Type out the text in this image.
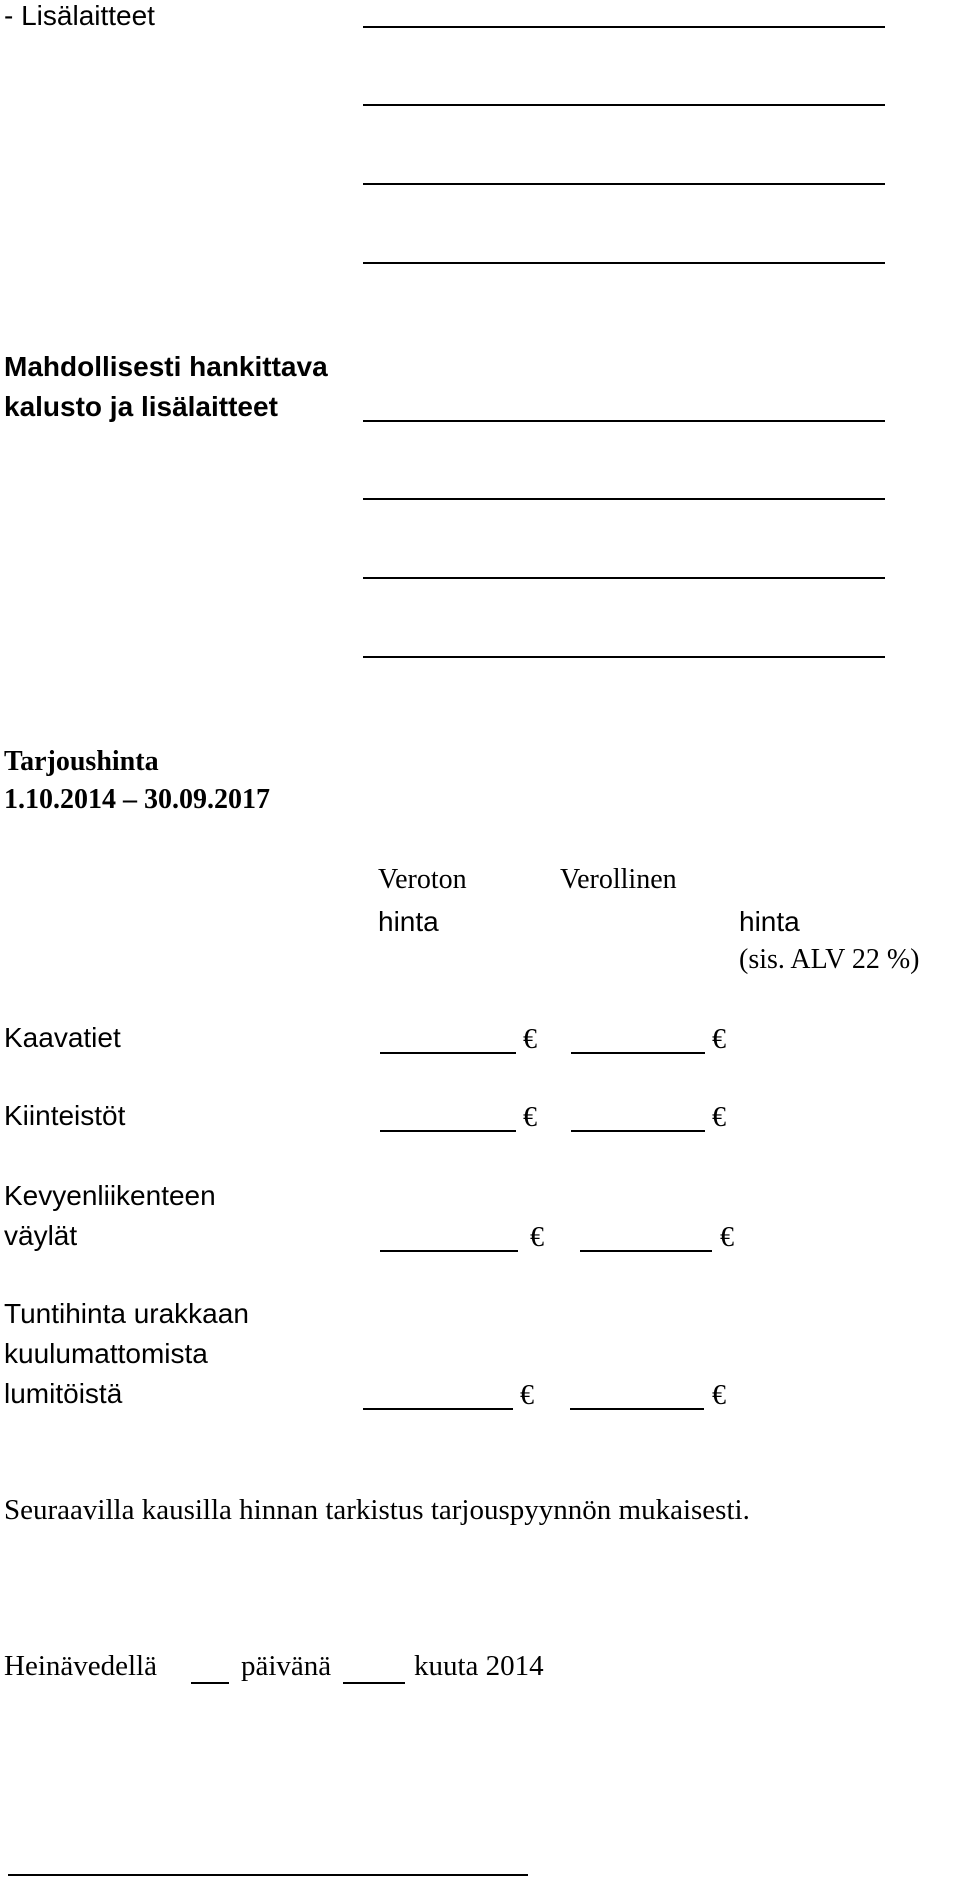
- Lisälaitteet
Mahdollisesti hankittava
kalusto ja lisälaitteet
Tarjoushinta
1.10.2014 – 30.09.2017
Veroton
hinta
Verollinen
hinta
(sis. ALV 22 %)
Kaavatiet	€	€
Kiinteistöt	€	€
Kevyenliikenteen
väylät	€	€
Tuntihinta urakkaan
kuulumattomista
lumitöistä	€	€
Seuraavilla kausilla hinnan tarkistus tarjouspyynnön mukaisesti.
Heinävedellä	päivänä	kuuta 2014
